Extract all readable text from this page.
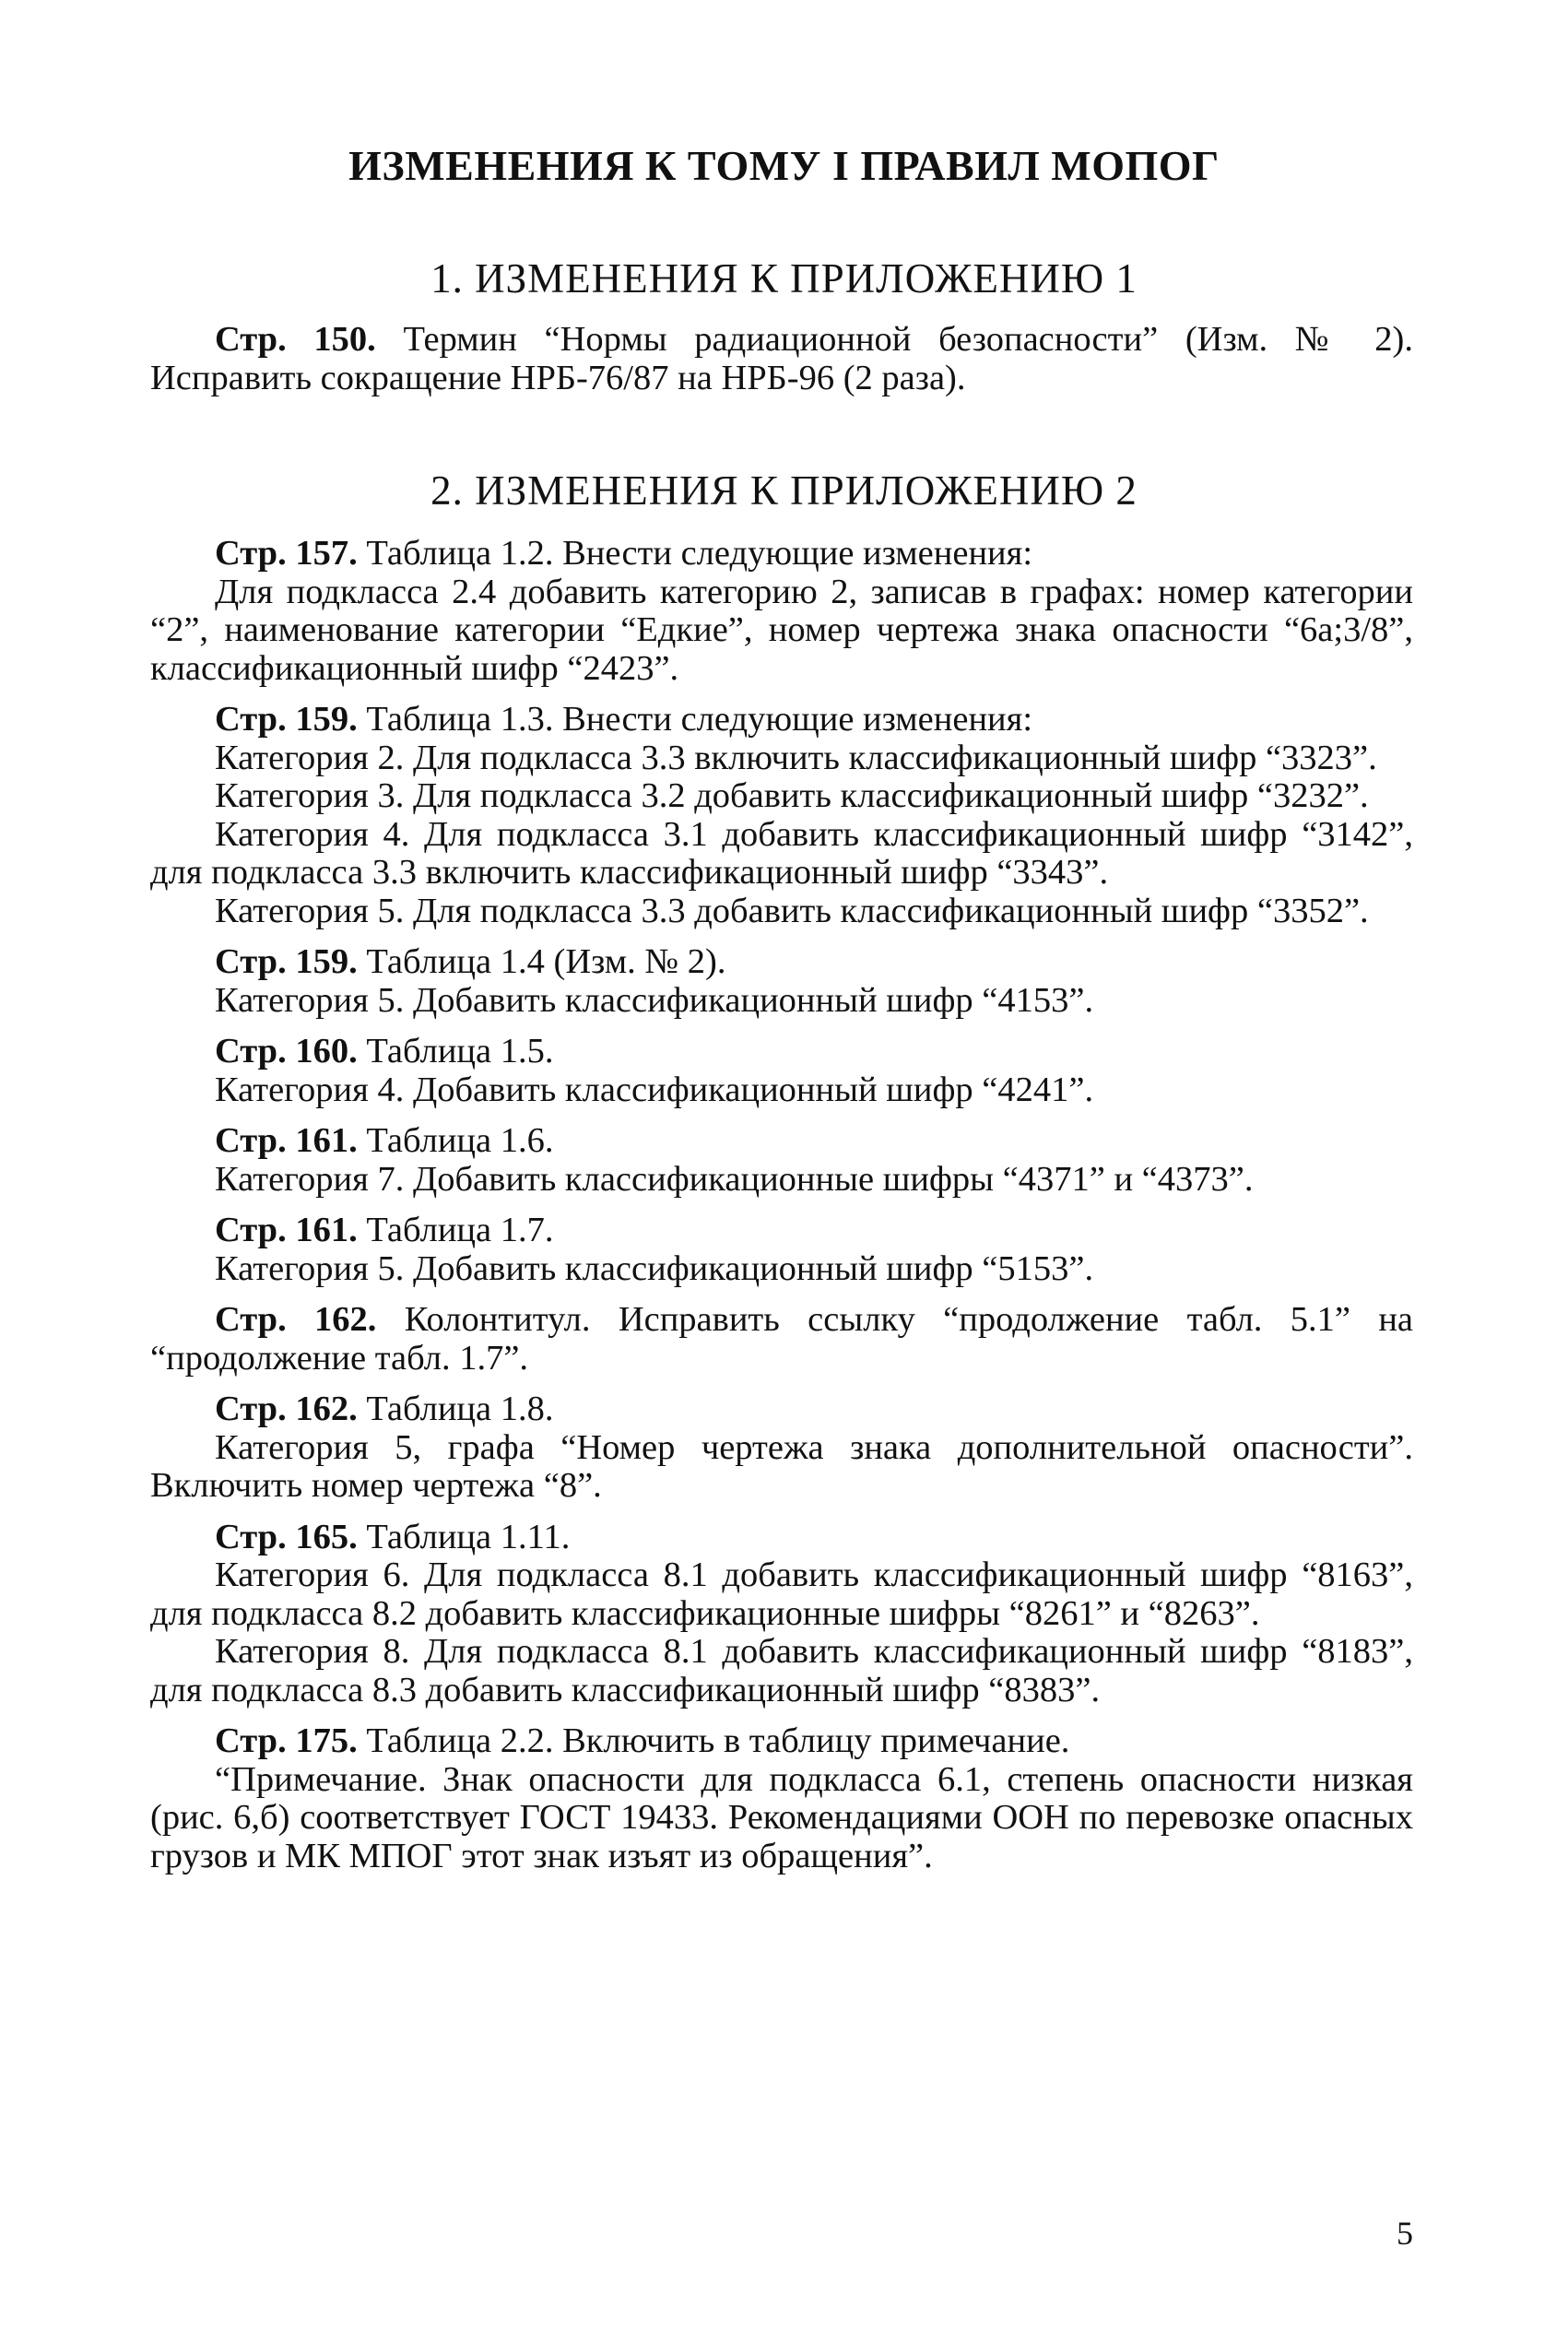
ИЗМЕНЕНИЯ К ТОМУ I ПРАВИЛ МОПОГ
1. ИЗМЕНЕНИЯ К ПРИЛОЖЕНИЮ 1

Стр. 150. Термин “Нормы радиационной безопасности” (Изм. № 2). Исправить сокращение НРБ-76/87 на НРБ-96 (2 раза).

2. ИЗМЕНЕНИЯ К ПРИЛОЖЕНИЮ 2

Стр. 157. Таблица 1.2. Внести следующие изменения:

Для подкласса 2.4 добавить категорию 2, записав в графах: номер категории “2”, наименование категории “Едкие”, номер чертежа знака опасности “6а;3/8”, классификационный шифр “2423”.

Стр. 159. Таблица 1.3. Внести следующие изменения:

Категория 2. Для подкласса 3.3 включить классификационный шифр “3323”.

Категория 3. Для подкласса 3.2 добавить классификационный шифр “3232”.

Категория 4. Для подкласса 3.1 добавить классификационный шифр “3142”, для подкласса 3.3 включить классификационный шифр “3343”.

Категория 5. Для подкласса 3.3 добавить классификационный шифр “3352”.

Стр. 159. Таблица 1.4 (Изм. № 2).

Категория 5. Добавить классификационный шифр “4153”.

Стр. 160. Таблица 1.5.

Категория 4. Добавить классификационный шифр “4241”.

Стр. 161. Таблица 1.6.

Категория 7. Добавить классификационные шифры “4371” и “4373”.

Стр. 161. Таблица 1.7.

Категория 5. Добавить классификационный шифр “5153”.

Стр. 162. Колонтитул. Исправить ссылку “продолжение табл. 5.1” на “продолжение табл. 1.7”.

Стр. 162. Таблица 1.8.

Категория 5, графа “Номер чертежа знака дополнительной опасности”. Включить номер чертежа “8”.

Стр. 165. Таблица 1.11.

Категория 6. Для подкласса 8.1 добавить классификационный шифр “8163”, для подкласса 8.2 добавить классификационные шифры “8261” и “8263”.

Категория 8. Для подкласса 8.1 добавить классификационный шифр “8183”, для подкласса 8.3 добавить классификационный шифр “8383”.

Стр. 175. Таблица 2.2. Включить в таблицу примечание.

“Примечание. Знак опасности для подкласса 6.1, степень опасности низкая (рис. 6,б) соответствует ГОСТ 19433. Рекомендациями ООН по перевозке опасных грузов и МК МПОГ этот знак изъят из обращения”.

5
